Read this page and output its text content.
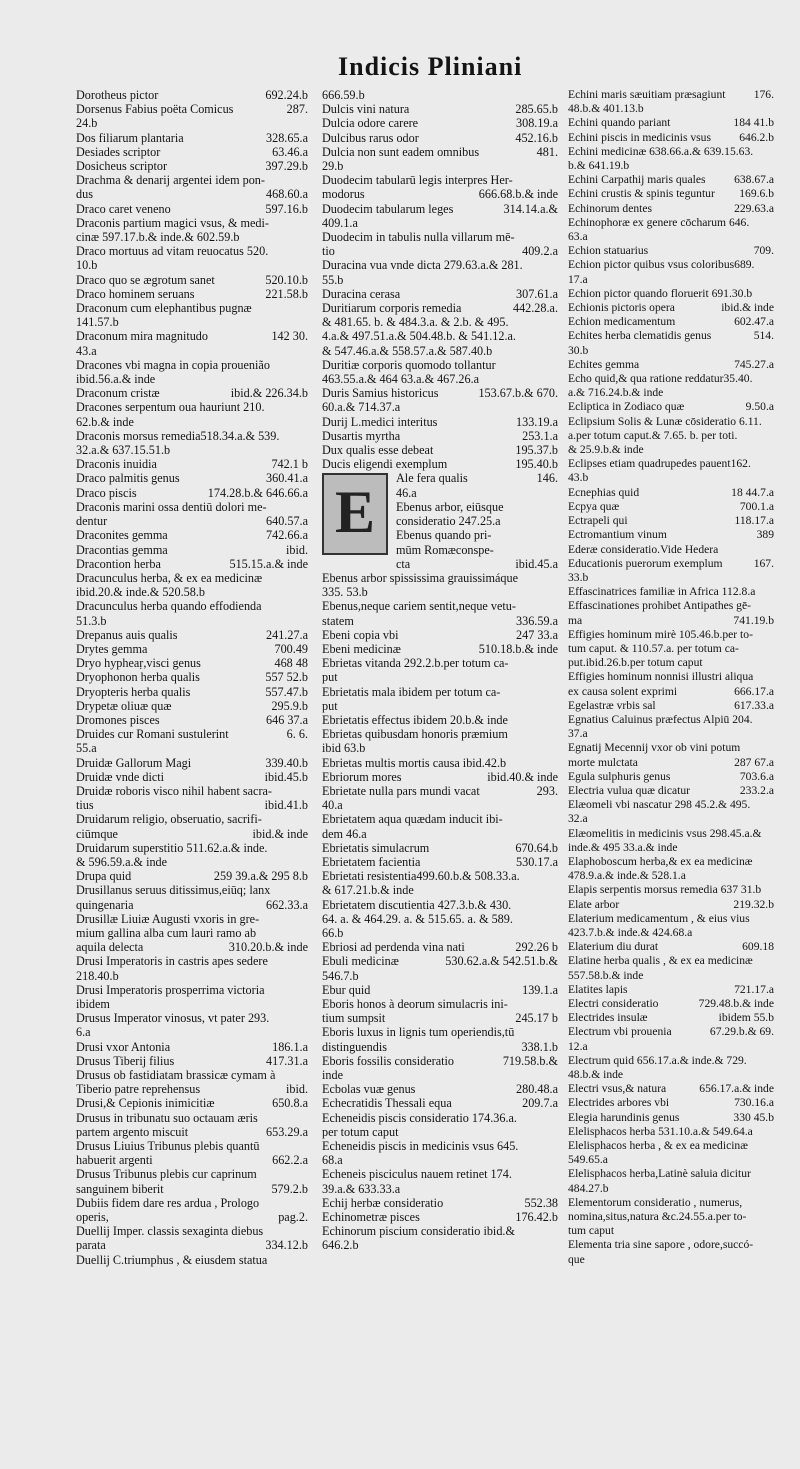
Indicis Pliniani
692.24.b
Dorotheus pictor
287.
Dorsenus Fabius poëta Comicus
24.b
328.65.a
Dos filiarum plantaria
63.46.a
Desiades scriptor
397.29.b
Dosicheus scriptor
Drachma & denarij argentei idem pon-
468.60.a
dus
597.16.b
Draco caret veneno
Draconis partium magici vsus, & medi-
cinæ 597.17.b.& inde.& 602.59.b
Draco mortuus ad vitam reuocatus 520.
10.b
520.10.b
Draco quo se ægrotum sanet
221.58.b
Draco hominem seruans
Draconum cum elephantibus pugnæ
141.57.b
142 30.
Draconum mira magnitudo
43.a
Dracones vbi magna in copia prouenião
ibid.56.a.& inde
ibid.& 226.34.b
Draconum cristæ
Dracones serpentum oua hauriunt 210.
62.b.& inde
Draconis morsus remedia518.34.a.& 539.
32.a.& 637.15.51.b
742.1 b
Draconis inuidia
360.41.a
Draco palmitis genus
174.28.b.& 646.66.a
Draco piscis
Draconis marini ossa dentiū dolori me-
640.57.a
dentur
742.66.a
Draconites gemma
ibid.
Dracontias gemma
515.15.a.& inde
Dracontion herba
Dracunculus herba, & ex ea medicinæ
ibid.20.& inde.& 520.58.b
Dracunculus herba quando effodienda
51.3.b
241.27.a
Drepanus auis qualis
700.49
Drytes gemma
468 48
Dryo hypheaṛ,visci genus
557 52.b
Dryophonon herba qualis
557.47.b
Dryopteris herba qualis
295.9.b
Drypetæ oliuæ quæ
646 37.a
Dromones pisces
6. 6.
Druides cur Romani sustulerint
55.a
339.40.b
Druidæ Gallorum Magi
ibid.45.b
Druidæ vnde dicti
Druidæ roboris visco nihil habent sacra-
ibid.41.b
tius
Druidarum religio, obseruatio, sacrifi-
ibid.& inde
ciūmque
Druidarum superstitio 511.62.a.& inde.
& 596.59.a.& inde
259 39.a.& 295 8.b
Drupa quid
Drusillanus seruus ditissimus,eiūq; lanx
662.33.a
quingenaria
Drusillæ Liuiæ Augusti vxoris in gre-
mium gallina alba cum lauri ramo ab
310.20.b.& inde
aquila delecta
Drusi Imperatoris in castris apes sedere
218.40.b
Drusi Imperatoris prosperrima victoria
ibidem
Drusus Imperator vinosus, vt pater 293.
6.a
186.1.a
Drusi vxor Antonia
417.31.a
Drusus Tiberij filius
Drusus ob fastidiatam brassicæ cymam à
ibid.
Tiberio patre reprehensus
650.8.a
Drusi,& Cepionis inimicitiæ
Drusus in tribunatu suo octauam æris
653.29.a
partem argento miscuit
Drusus Liuius Tribunus plebis quantū
662.2.a
habuerit argenti
Drusus Tribunus plebis cur caprinum
579.2.b
sanguinem biberit
Dubiis fidem dare res ardua , Prologo
pag.2.
operis,
Duellij Imper. classis sexaginta diebus
334.12.b
parata
Duellij C.triumphus , & eiusdem statua
666.59.b
285.65.b
Dulcis vini natura
308.19.a
Dulcia odore carere
452.16.b
Dulcibus rarus odor
481.
Dulcia non sunt eadem omnibus
29.b
Duodecim tabularū legis interpres Her-
666.68.b.& inde
modorus
314.14.a.&
Duodecim tabularum leges
409.1.a
Duodecim in tabulis nulla villarum mē-
409.2.a
tio
Duracina vua vnde dicta 279.63.a.& 281.
55.b
307.61.a
Duracina cerasa
442.28.a.
Duritiarum corporis remedia
& 481.65. b. & 484.3.a. & 2.b. & 495.
4.a.& 497.51.a.& 504.48.b. & 541.12.a.
& 547.46.a.& 558.57.a.& 587.40.b
Duritiæ corporis quomodo tollantur
463.55.a.& 464 63.a.& 467.26.a
153.67.b.& 670.
Duris Samius historicus
60.a.& 714.37.a
133.19.a
Durij L.medici interitus
253.1.a
Dusartis myrtha
195.37.b
Dux qualis esse debeat
195.40.b
Ducis eligendi exemplum
E
146.
Ale fera qualis
46.a
Ebenus arbor, eiūsque
consideratio 247.25.a
Ebenus quando pri-
mūm Romæconspe-
ibid.45.a
cta
Ebenus arbor spississima grauissimáque
335. 53.b
Ebenus,neque cariem sentit,neque vetu-
336.59.a
statem
247 33.a
Ebeni copia vbi
510.18.b.& inde
Ebeni medicinæ
Ebrietas vitanda 292.2.b.per totum ca-
put
Ebrietatis mala ibidem per totum ca-
put
Ebrietatis effectus ibidem 20.b.& inde
Ebrietas quibusdam honoris præmium
ibid 63.b
Ebrietas multis mortis causa ibid.42.b
ibid.40.& inde
Ebriorum mores
293.
Ebrietate nulla pars mundi vacat
40.a
Ebrietatem aqua quædam inducit ibi-
dem 46.a
670.64.b
Ebrietatis simulacrum
530.17.a
Ebrietatem facientia
Ebrietati resistentia499.60.b.& 508.33.a.
& 617.21.b.& inde
Ebrietatem discutientia 427.3.b.& 430.
64. a. & 464.29. a. & 515.65. a. & 589.
66.b
292.26 b
Ebriosi ad perdenda vina nati
530.62.a.& 542.51.b.&
Ebuli medicinæ
546.7.b
139.1.a
Ebur quid
Eboris honos à deorum simulacris ini-
245.17 b
tium sumpsit
Eboris luxus in lignis tum operiendis,tū
338.1.b
distinguendis
719.58.b.&
Eboris fossilis consideratio
inde
280.48.a
Ecbolas vuæ genus
209.7.a
Echecratidis Thessali equa
Echeneidis piscis consideratio 174.36.a.
per totum caput
Echeneidis piscis in medicinis vsus 645.
68.a
Echeneis pisciculus nauem retinet 174.
39.a.& 633.33.a
552.38
Echij herbæ consideratio
176.42.b
Echinometræ pisces
Echinorum piscium consideratio ibid.&
646.2.b
176.
Echini maris sæuitiam præsagiunt
48.b.& 401.13.b
184 41.b
Echini quando pariant
646.2.b
Echini piscis in medicinis vsus
Echini medicinæ 638.66.a.& 639.15.63.
b.& 641.19.b
638.67.a
Echini Carpathij maris quales
169.6.b
Echini crustis & spinis teguntur
229.63.a
Echinorum dentes
Echinophoræ ex genere cōcharum 646.
63.a
709.
Echion statuarius
Echion pictor quibus vsus coloribus689.
17.a
Echion pictor quando floruerit 691.30.b
ibid.& inde
Echionis pictoris opera
602.47.a
Echion medicamentum
514.
Echites herba clematidis genus
30.b
745.27.a
Echites gemma
Echo quid,& qua ratione reddatur35.40.
a.& 716.24.b.& inde
9.50.a
Ecliptica in Zodiaco quæ
Eclipsium Solis & Lunæ cōsideratio 6.11.
a.per totum caput.& 7.65. b. per toti.
& 25.9.b.& inde
Eclipses etiam quadrupedes pauent162.
43.b
18 44.7.a
Ecnephias quid
700.1.a
Ecpya quæ
118.17.a
Ectrapeli qui
389
Ectromantium vinum
Ederæ consideratio.Vide Hedera
167.
Educationis puerorum exemplum
33.b
Effascinatrices familiæ in Africa 112.8.a
Effascinationes prohibet Antipathes gē-
741.19.b
ma
Effigies hominum mirè 105.46.b.per to-
tum caput. & 110.57.a. per totum ca-
put.ibid.26.b.per totum caput
Effigies hominum nonnisi illustri aliqua
666.17.a
ex causa solent exprimi
617.33.a
Egelastræ vrbis sal
Egnatius Caluinus præfectus Alpiū 204.
37.a
Egnatij Mecennij vxor ob vini potum
287 67.a
morte mulctata
703.6.a
Egula sulphuris genus
233.2.a
Electria vulua quæ dicatur
Elæomeli vbi nascatur 298 45.2.& 495.
32.a
Elæomelitis in medicinis vsus 298.45.a.&
inde.& 495 33.a.& inde
Elaphoboscum herba,& ex ea medicinæ
478.9.a.& inde.& 528.1.a
Elapis serpentis morsus remedia 637 31.b
219.32.b
Elate arbor
Elaterium medicamentum , & eius vius
423.7.b.& inde.& 424.68.a
609.18
Elaterium diu durat
Elatine herba qualis , & ex ea medicinæ
557.58.b.& inde
721.17.a
Elatites lapis
729.48.b.& inde
Electri consideratio
ibidem 55.b
Electrides insulæ
67.29.b.& 69.
Electrum vbi prouenia
12.a
Electrum quid 656.17.a.& inde.& 729.
48.b.& inde
656.17.a.& inde
Electri vsus,& natura
730.16.a
Electrides arbores vbi
330 45.b
Elegia harundinis genus
Elelisphacos herba 531.10.a.& 549.64.a
Elelisphacos herba , & ex ea medicinæ
549.65.a
Elelisphacos herba,Latinè saluia dicitur
484.27.b
Elementorum consideratio , numerus,
nomina,situs,natura &c.24.55.a.per to-
tum caput
Elementa tria sine sapore , odore,succó-
que
